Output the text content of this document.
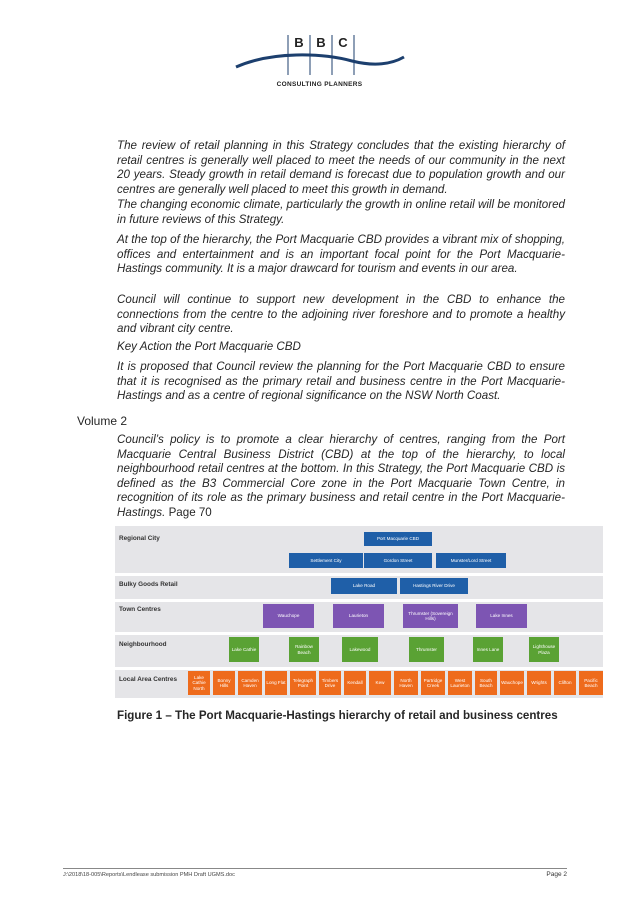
B B C
CONSULTING PLANNERS

The review of retail planning in this Strategy concludes that the existing hierarchy of retail centres is generally well placed to meet the needs of our community in the next 20 years. Steady growth in retail demand is forecast due to population growth and our centres are generally well placed to meet this growth in demand.

The changing economic climate, particularly the growth in online retail will be monitored in future reviews of this Strategy.

At the top of the hierarchy, the Port Macquarie CBD provides a vibrant mix of shopping, offices and entertainment and is an important focal point for the Port Macquarie-Hastings community. It is a major drawcard for tourism and events in our area.

Council will continue to support new development in the CBD to enhance the connections from the centre to the adjoining river foreshore and to promote a healthy and vibrant city centre.

Key Action the Port Macquarie CBD

It is proposed that Council review the planning for the Port Macquarie CBD to ensure that it is recognised as the primary retail and business centre in the Port Macquarie-Hastings and as a centre of regional significance on the NSW North Coast.

Volume 2

Council’s policy is to promote a clear hierarchy of centres, ranging from the Port Macquarie Central Business District (CBD) at the top of the hierarchy, to local neighbourhood retail centres at the bottom. In this Strategy, the Port Macquarie CBD is defined as the B3 Commercial Core zone in the Port Macquarie Town Centre, in recognition of its role as the primary business and retail centre in the Port Macquarie-Hastings. Page 70

Regional City
Bulky Goods Retail
Town Centres
Neighbourhood
Local Area Centres
Port Macquarie CBD
Settlement City	Gordon Street	Munster/Lord Street
Lake Road	Hastings River Drive
Wauchope	Laurieton
Thrumster (Sovereign Hills)
Lake Innes
Lake Cathie
Rainbow Beach
Lakewood	Thrumster	Innes Lane
Lighthouse Plaza
Lake Cathie North
Bonny Hills
Camden Haven
Long Flat
Telegraph Point
Timbers Drive
Kendall	Kew
North Haven
Partridge Creek
West Laurieton
South Beach
Wauchope	Wrights	Clifton
Pacific Beach

Figure 1 – The Port Macquarie-Hastings hierarchy of retail and business centres

J:\2018\18-005\Reports\Lendlease submission PMH Draft UGMS.doc	Page 2
